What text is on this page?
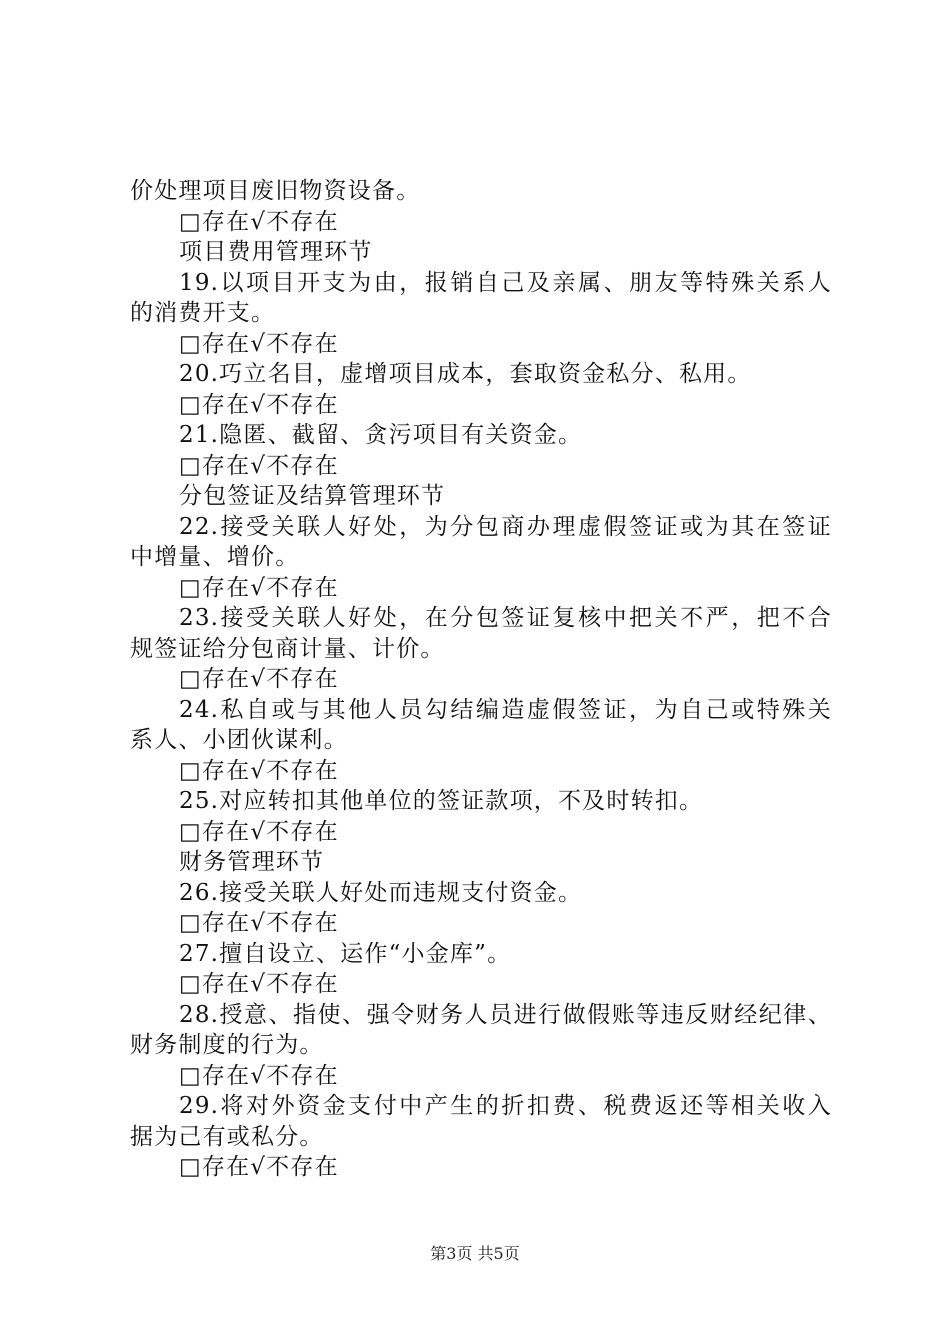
价处理项目废旧物资设备。
□存在√不存在
项目费用管理环节
19.以项目开支为由，报销自己及亲属、朋友等特殊关系人
的消费开支。
□存在√不存在
20.巧立名目，虚增项目成本，套取资金私分、私用。
□存在√不存在
21.隐匿、截留、贪污项目有关资金。
□存在√不存在
分包签证及结算管理环节
22.接受关联人好处，为分包商办理虚假签证或为其在签证
中增量、增价。
□存在√不存在
23.接受关联人好处，在分包签证复核中把关不严，把不合
规签证给分包商计量、计价。
□存在√不存在
24.私自或与其他人员勾结编造虚假签证，为自己或特殊关
系人、小团伙谋利。
□存在√不存在
25.对应转扣其他单位的签证款项，不及时转扣。
□存在√不存在
财务管理环节
26.接受关联人好处而违规支付资金。
□存在√不存在
27.擅自设立、运作“小金库”。
□存在√不存在
28.授意、指使、强令财务人员进行做假账等违反财经纪律、
财务制度的行为。
□存在√不存在
29.将对外资金支付中产生的折扣费、税费返还等相关收入
据为己有或私分。
□存在√不存在
第3页 共5页
